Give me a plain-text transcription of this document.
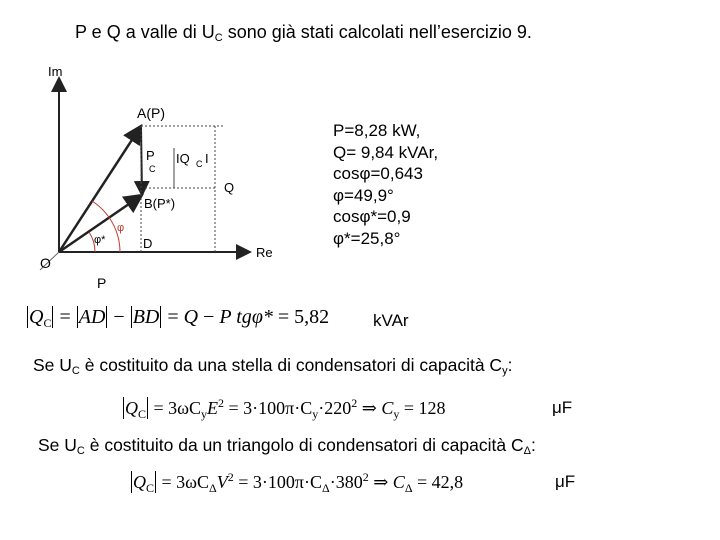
P e Q a valle di $U_C$ sono già stati calcolati nell’esercizio 9.
Im
Re
O
A(P)
P
C
IQ C I
Q
B(P*)
φ*
φ
D
P
P=8,28 kW,
Q= 9,84 kVAr,
cosφ=0,643
φ=49,9°
cosφ*=0,9
φ*=25,8°
$Q_C$ = AD − BD = Q − P tgφ* = 5,82	kVAr
Se $U_C$ è costituito da una stella di condensatori di capacità $C_y$:
$Q_C = 3\omega C_yE^2 = 3\cdot 100\pi\cdot C_y\cdot 220^2$ ⇒ $C_y = 128$	μF
Se $U_C$ è costituito da un triangolo di condensatori di capacità $C_\Delta$:
$Q_C = 3\omega C_\Delta V^2 = 3\cdot 100\pi\cdot C_\Delta\cdot 380^2$ ⇒ $C_\Delta = 42,8$	μF
